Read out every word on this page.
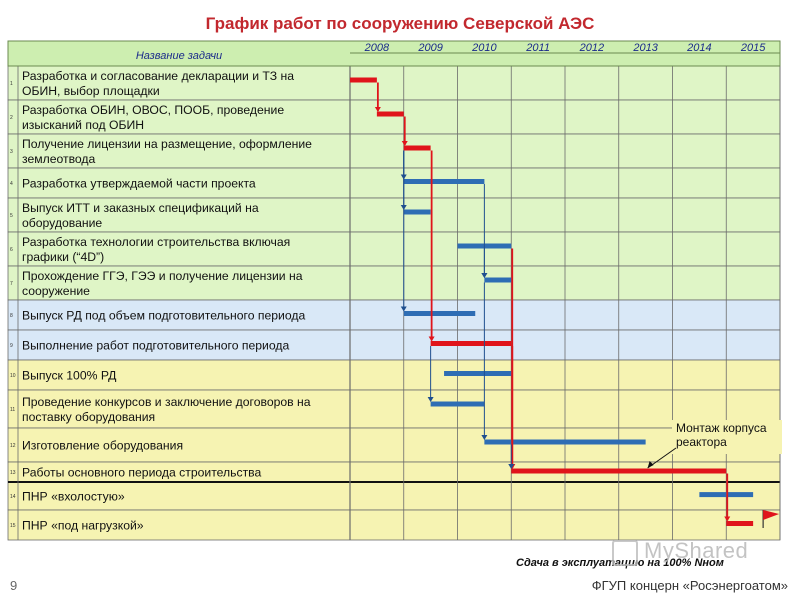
График работ по сооружению Северской АЭС
Название задачи
2008	2009	2010	2011	2012	2013	2014	2015
1
Разработка и согласование декларации и ТЗ на
ОБИН, выбор площадки
2
Разработка ОБИН, ОВОС, ПООБ, проведение
изысканий под ОБИН
3
Получение лицензии на размещение, оформление
землеотвода
4 Разработка утверждаемой части проекта
5
Выпуск ИТТ и заказных спецификаций на
оборудование
6
Разработка технологии строительства включая
графики (“4D”)
7
Прохождение ГГЭ, ГЭЭ и получение лицензии на
сооружение
8 Выпуск РД под объем подготовительного периода
9 Выполнение работ подготовительного периода
10 Выпуск 100% РД
11
Проведение конкурсов и заключение договоров на
поставку оборудования
12 Изготовление оборудования
13 Работы основного периода строительства
14 ПНР «вхолостую»
15 ПНР «под нагрузкой»
Монтаж корпуса
реактора
Сдача в эксплуатацию на 100% Nном
MyShared
9	ФГУП концерн «Росэнергоатом»
